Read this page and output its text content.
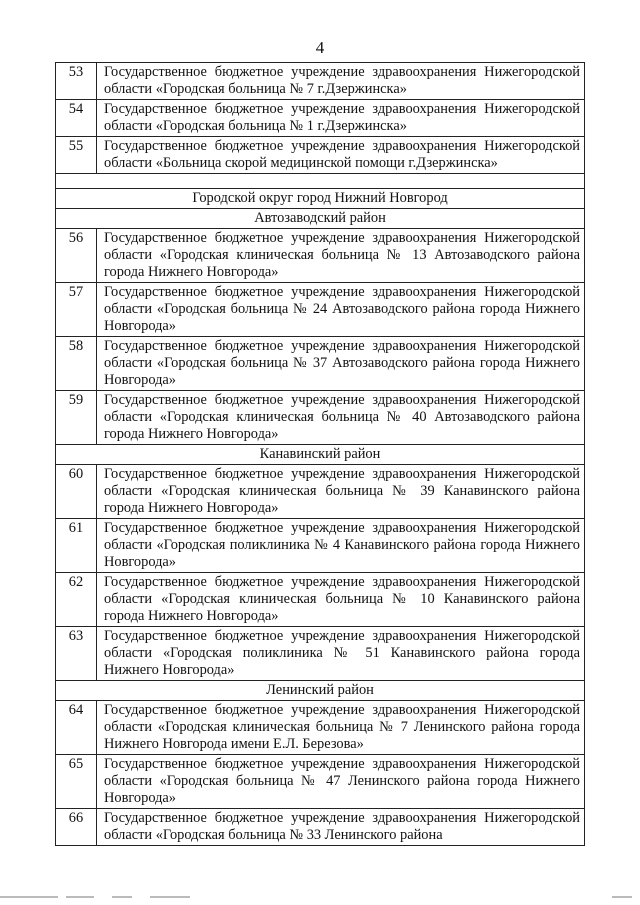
4
53	Государственное бюджетное учреждение здравоохранения Нижегородской области «Городская больница № 7 г.Дзержинска»
54	Государственное бюджетное учреждение здравоохранения Нижегородской области «Городская больница № 1 г.Дзержинска»
55	Государственное бюджетное учреждение здравоохранения Нижегородской области «Больница скорой медицинской помощи г.Дзержинска»

Городской округ город Нижний Новгород	
Автозаводский район	
56	Государственное бюджетное учреждение здравоохранения Нижегородской области «Городская клиническая больница № 13 Автозаводского района города Нижнего Новгорода»
57	Государственное бюджетное учреждение здравоохранения Нижегородской области «Городская больница № 24 Автозаводского района города Нижнего Новгорода»
58	Государственное бюджетное учреждение здравоохранения Нижегородской области «Городская больница № 37 Автозаводского района города Нижнего Новгорода»
59	Государственное бюджетное учреждение здравоохранения Нижегородской области «Городская клиническая больница № 40 Автозаводского района города Нижнего Новгорода»
Канавинский район	
60	Государственное бюджетное учреждение здравоохранения Нижегородской области «Городская клиническая больница № 39 Канавинского района города Нижнего Новгорода»
61	Государственное бюджетное учреждение здравоохранения Нижегородской области «Городская поликлиника № 4 Канавинского района города Нижнего Новгорода»
62	Государственное бюджетное учреждение здравоохранения Нижегородской области «Городская клиническая больница № 10 Канавинского района города Нижнего Новгорода»
63	Государственное бюджетное учреждение здравоохранения Нижегородской области «Городская поликлиника № 51 Канавинского района города Нижнего Новгорода»
Ленинский район	
64	Государственное бюджетное учреждение здравоохранения Нижегородской области «Городская клиническая больница № 7 Ленинского района города Нижнего Новгорода имени Е.Л. Березова»
65	Государственное бюджетное учреждение здравоохранения Нижегородской области «Городская больница № 47 Ленинского района города Нижнего Новгорода»
66	Государственное бюджетное учреждение здравоохранения Нижегородской области «Городская больница № 33 Ленинского района
